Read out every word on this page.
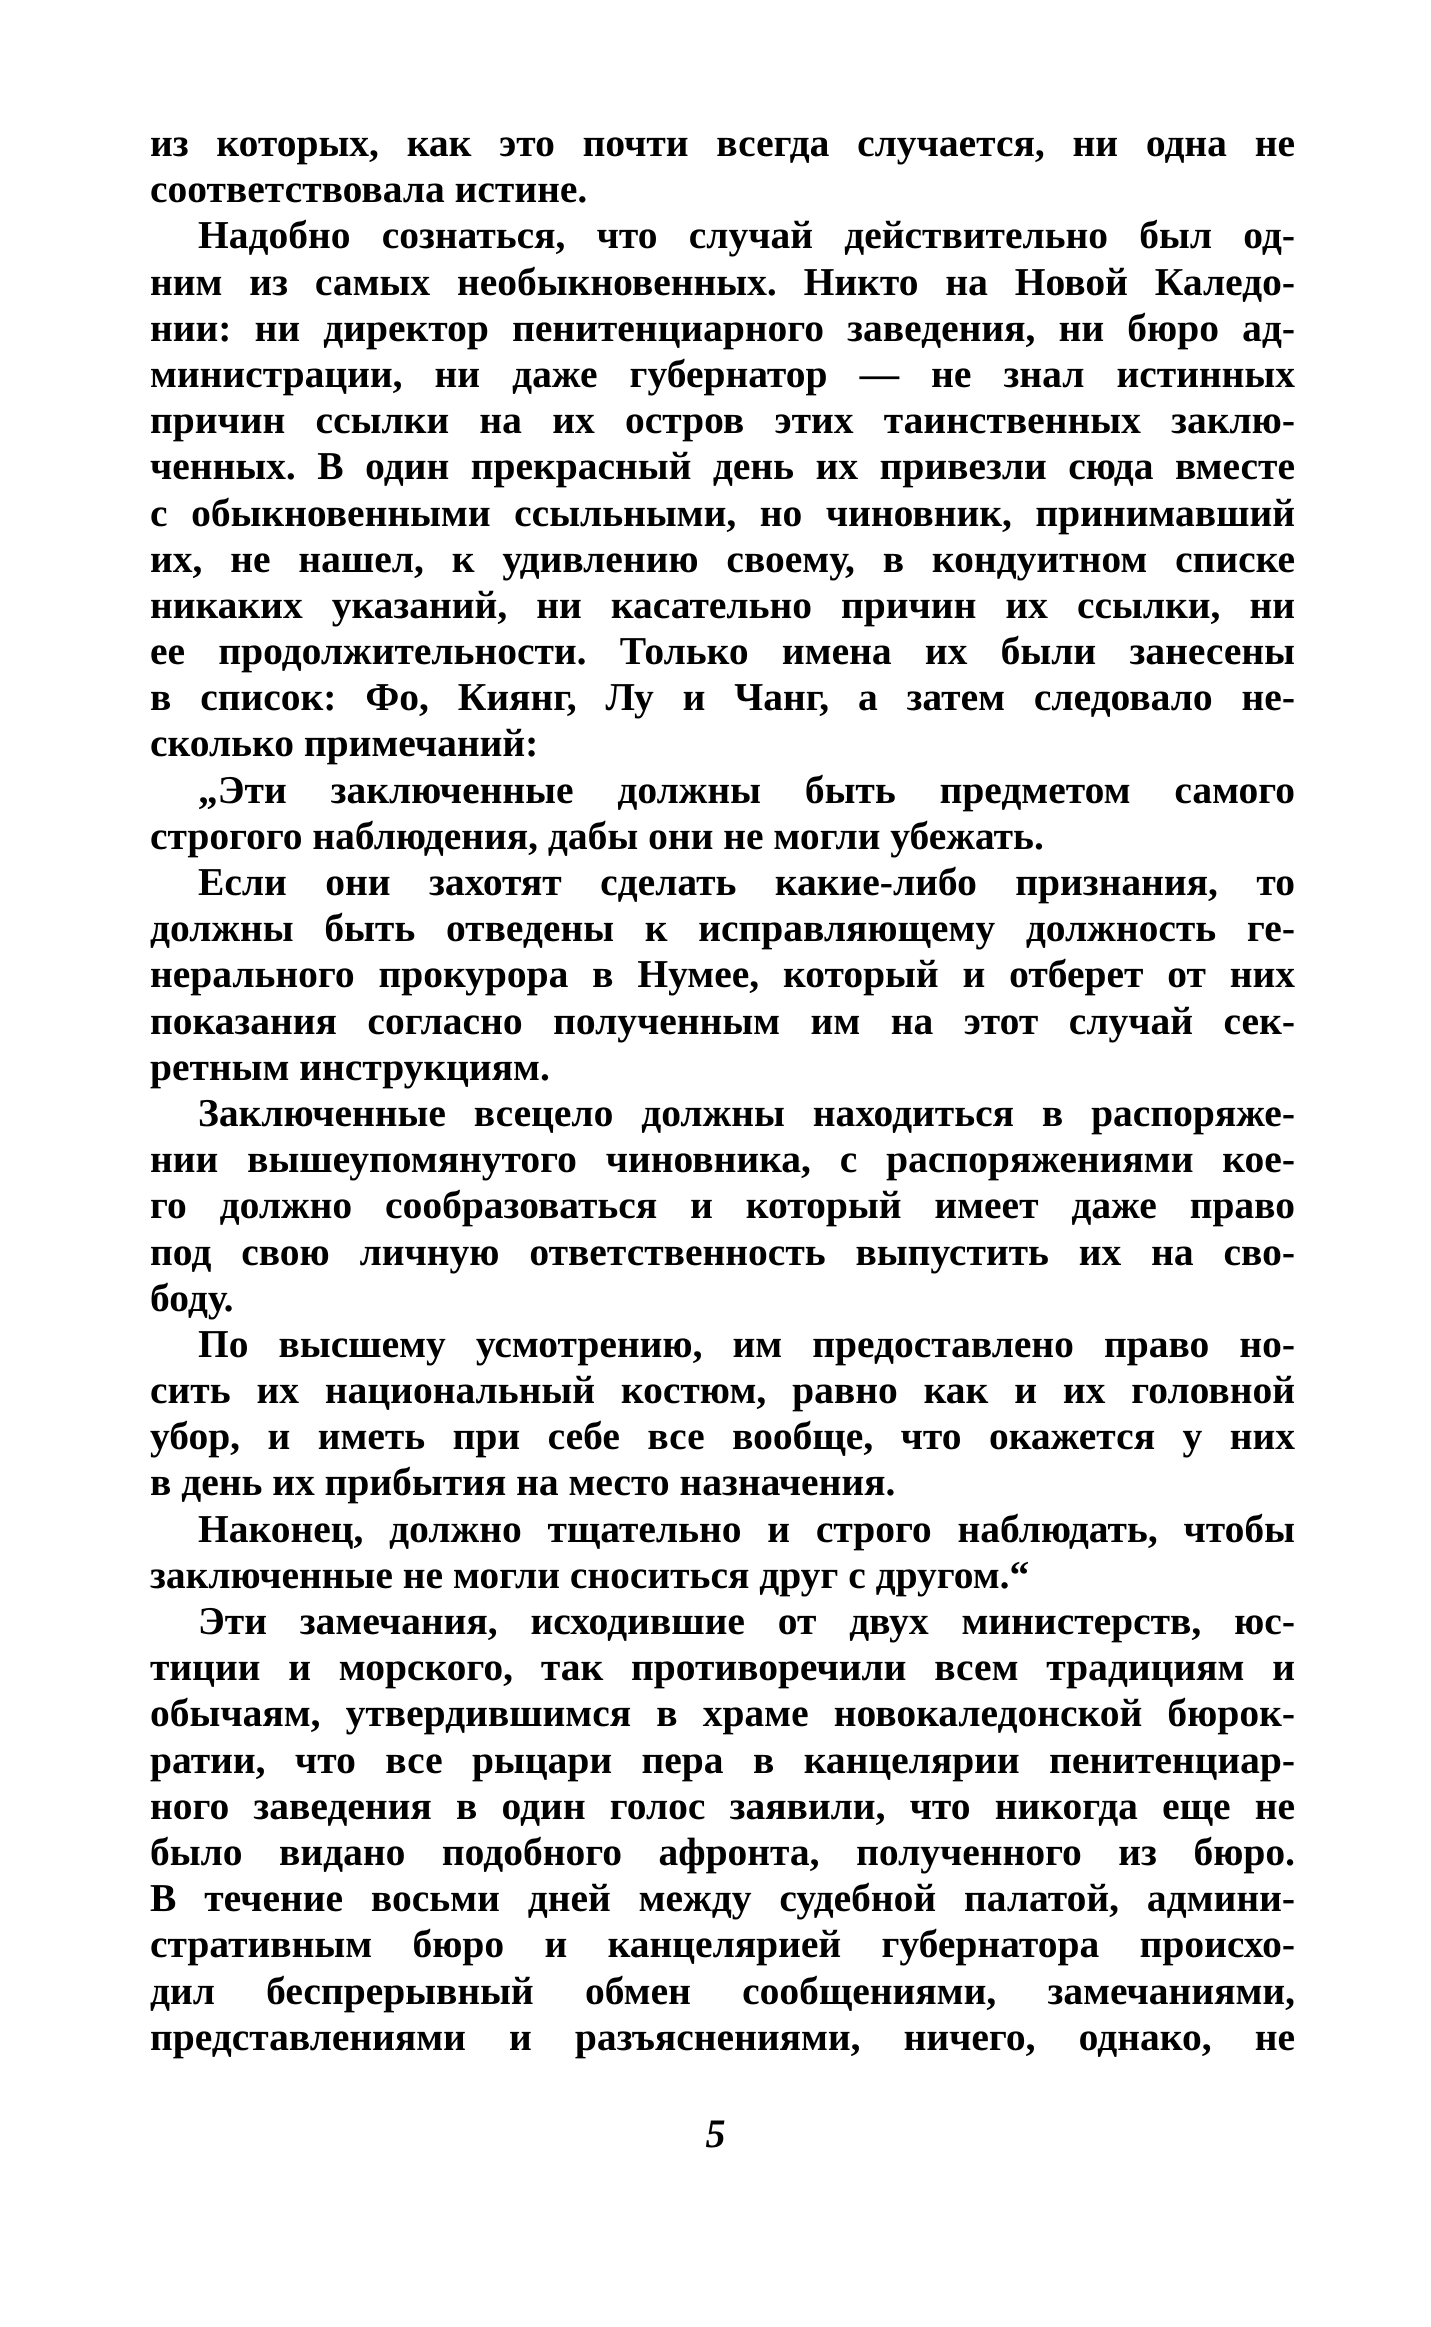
из которых, как это почти всегда случается, ни одна не
соответствовала истине.
Надобно сознаться, что случай действительно был од-
ним из самых необыкновенных. Никто на Новой Каледо-
нии: ни директор пенитенциарного заведения, ни бюро ад-
министрации, ни даже губернатор — не знал истинных
причин ссылки на их остров этих таинственных заклю-
ченных. В один прекрасный день их привезли сюда вместе
с обыкновенными ссыльными, но чиновник, принимавший
их, не нашел, к удивлению своему, в кондуитном списке
никаких указаний, ни касательно причин их ссылки, ни
ее продолжительности. Только имена их были занесены
в список: Фо, Киянг, Лу и Чанг, а затем следовало не-
сколько примечаний:
„Эти заключенные должны быть предметом самого
строгого наблюдения, дабы они не могли убежать.
Если они захотят сделать какие-либо признания, то
должны быть отведены к исправляющему должность ге-
нерального прокурора в Нумее, который и отберет от них
показания согласно полученным им на этот случай сек-
ретным инструкциям.
Заключенные всецело должны находиться в распоряже-
нии вышеупомянутого чиновника, с распоряжениями кое-
го должно сообразоваться и который имеет даже право
под свою личную ответственность выпустить их на сво-
боду.
По высшему усмотрению, им предоставлено право но-
сить их национальный костюм, равно как и их головной
убор, и иметь при себе все вообще, что окажется у них
в день их прибытия на место назначения.
Наконец, должно тщательно и строго наблюдать, чтобы
заключенные не могли сноситься друг с другом.“
Эти замечания, исходившие от двух министерств, юс-
тиции и морского, так противоречили всем традициям и
обычаям, утвердившимся в храме новокаледонской бюрок-
ратии, что все рыцари пера в канцелярии пенитенциар-
ного заведения в один голос заявили, что никогда еще не
было видано подобного афронта, полученного из бюро.
В течение восьми дней между судебной палатой, админи-
стративным бюро и канцелярией губернатора происхо-
дил беспрерывный обмен сообщениями, замечаниями,
представлениями и разъяснениями, ничего, однако, не
5
